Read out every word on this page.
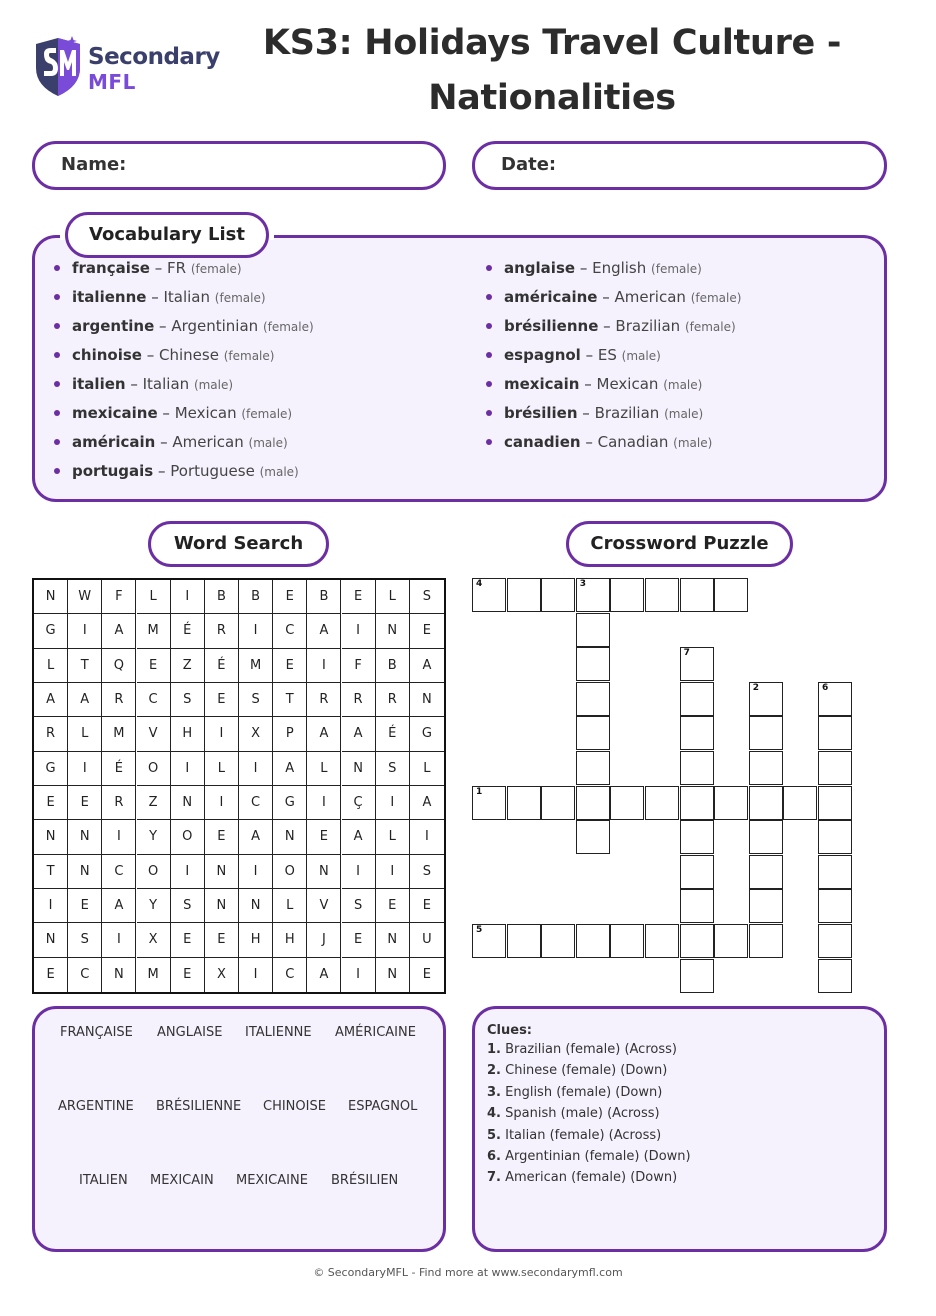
Secondary
MFL
KS3: Holidays Travel Culture - Nationalities
Name:	Date:
Vocabulary List
française – FR (female)
italienne – Italian (female)
argentine – Argentinian (female)
chinoise – Chinese (female)
italien – Italian (male)
mexicaine – Mexican (female)
américain – American (male)
portugais – Portuguese (male)
anglaise – English (female)
américaine – American (female)
brésilienne – Brazilian (female)
espagnol – ES (male)
mexicain – Mexican (male)
brésilien – Brazilian (male)
canadien – Canadian (male)
Word Search	Crossword Puzzle
N	W	F	L	I	B	B	E	B	E	L	S
G	I	A	M	É	R	I	C	A	I	N	E
L	T	Q	E	Z	É	M	E	I	F	B	A
A	A	R	C	S	E	S	T	R	R	R	N
R	L	M	V	H	I	X	P	A	A	É	G
G	I	É	O	I	L	I	A	L	N	S	L
E	E	R	Z	N	I	C	G	I	Ç	I	A
N	N	I	Y	O	E	A	N	E	A	L	I
T	N	C	O	I	N	I	O	N	I	I	S
I	E	A	Y	S	N	N	L	V	S	E	E
N	S	I	X	E	E	H	H	J	E	N	U
E	C	N	M	E	X	I	C	A	I	N	E
4	3
7
2	6
1
5
FRANÇAISE ANGLAISE ITALIENNE AMÉRICAINE
ARGENTINE BRÉSILIENNE CHINOISE ESPAGNOL
ITALIEN MEXICAIN MEXICAINE BRÉSILIEN
Clues:
1. Brazilian (female) (Across)
2. Chinese (female) (Down)
3. English (female) (Down)
4. Spanish (male) (Across)
5. Italian (female) (Across)
6. Argentinian (female) (Down)
7. American (female) (Down)
© SecondaryMFL - Find more at www.secondarymfl.com
